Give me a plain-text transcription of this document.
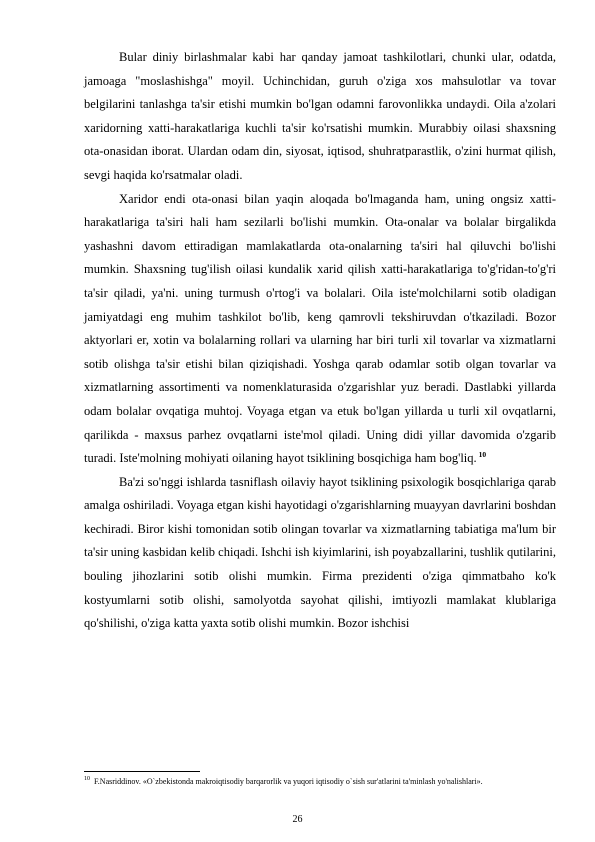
Bular diniy birlashmalar kabi har qanday jamoat tashkilotlari, chunki ular, odatda, jamoaga "moslashishga" moyil. Uchinchidan, guruh o'ziga xos mahsulotlar va tovar belgilarini tanlashga ta'sir etishi mumkin bo'lgan odamni farovonlikka undaydi. Oila a'zolari xaridorning xatti-harakatlariga kuchli ta'sir ko'rsatishi mumkin. Murabbiy oilasi shaxsning ota-onasidan iborat. Ulardan odam din, siyosat, iqtisod, shuhratparastlik, o'zini hurmat qilish, sevgi haqida ko'rsatmalar oladi.

Xaridor endi ota-onasi bilan yaqin aloqada bo'lmaganda ham, uning ongsiz xatti-harakatlariga ta'siri hali ham sezilarli bo'lishi mumkin. Ota-onalar va bolalar birgalikda yashashni davom ettiradigan mamlakatlarda ota-onalarning ta'siri hal qiluvchi bo'lishi mumkin. Shaxsning tug'ilish oilasi kundalik xarid qilish xatti-harakatlariga to'g'ridan-to'g'ri ta'sir qiladi, ya'ni. uning turmush o'rtog'i va bolalari. Oila iste'molchilarni sotib oladigan jamiyatdagi eng muhim tashkilot bo'lib, keng qamrovli tekshiruvdan o'tkaziladi. Bozor aktyorlari er, xotin va bolalarning rollari va ularning har biri turli xil tovarlar va xizmatlarni sotib olishga ta'sir etishi bilan qiziqishadi. Yoshga qarab odamlar sotib olgan tovarlar va xizmatlarning assortimenti va nomenklaturasida o'zgarishlar yuz beradi. Dastlabki yillarda odam bolalar ovqatiga muhtoj. Voyaga etgan va etuk bo'lgan yillarda u turli xil ovqatlarni, qarilikda - maxsus parhez ovqatlarni iste'mol qiladi. Uning didi yillar davomida o'zgarib turadi. Iste'molning mohiyati oilaning hayot tsiklining bosqichiga ham bog'liq. $^{10}$

Ba'zi so'nggi ishlarda tasniflash oilaviy hayot tsiklining psixologik bosqichlariga qarab amalga oshiriladi. Voyaga etgan kishi hayotidagi o'zgarishlarning muayyan davrlarini boshdan kechiradi. Biror kishi tomonidan sotib olingan tovarlar va xizmatlarning tabiatiga ma'lum bir ta'sir uning kasbidan kelib chiqadi. Ishchi ish kiyimlarini, ish poyabzallarini, tushlik qutilarini, bouling jihozlarini sotib olishi mumkin. Firma prezidenti o'ziga qimmatbaho ko'k kostyumlarni sotib olishi, samolyotda sayohat qilishi, imtiyozli mamlakat klublariga qo'shilishi, o'ziga katta yaxta sotib olishi mumkin. Bozor ishchisi

$^{10}$ F.Nasriddinov. «O`zbekistonda makroiqtisodiy barqarorlik va yuqori iqtisodiy o`sish sur'atlarini ta'minlash yo'nalishlari».

26
